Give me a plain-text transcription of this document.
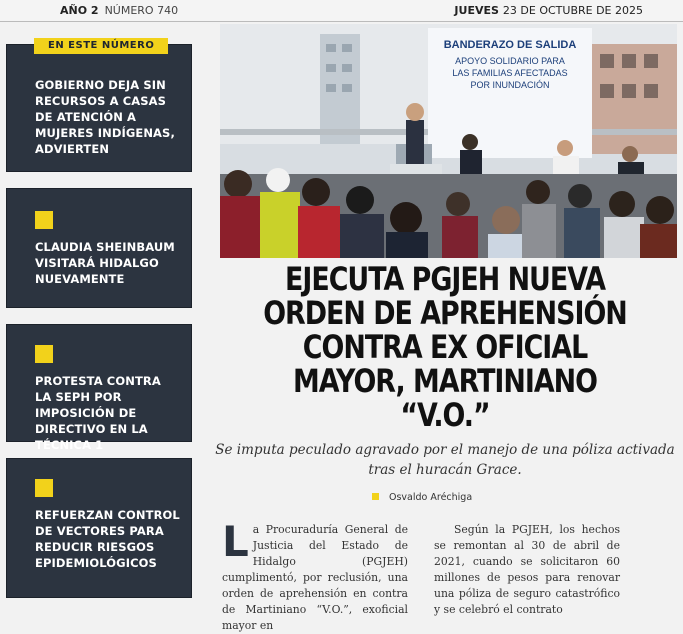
AÑO 2 NÚMERO 740	JUEVES 23 DE OCTUBRE DE 2025
EN ESTE NÚMERO
GOBIERNO DEJA SIN RECURSOS A CASAS DE ATENCIÓN A MUJERES INDÍGENAS, ADVIERTEN
CLAUDIA SHEINBAUM VISITARÁ HIDALGO NUEVAMENTE
PROTESTA CONTRA LA SEPH POR IMPOSICIÓN DE DIRECTIVO EN LA TÉCNICA 1
REFUERZAN CONTROL DE VECTORES PARA REDUCIR RIESGOS EPIDEMIOLÓGICOS
BANDERAZO DE SALIDA
APOYO SOLIDARIO PARA
LAS FAMILIAS AFECTADAS
POR INUNDACIÓN
EJECUTA PGJEH NUEVA ORDEN DE APREHENSIÓN CONTRA EX OFICIAL MAYOR, MARTINIANO “V.O.”
Se imputa peculado agravado por el manejo de una póliza activada tras el huracán Grace.
Osvaldo Aréchiga
La Procuraduría General de Justicia del Estado de Hidalgo (PGJEH) cumplimentó, por reclusión, una orden de aprehensión en contra de Martiniano “V.O.”, exoficial mayor en
Según la PGJEH, los hechos se remontan al 30 de abril de 2021, cuando se solicitaron 60 millones de pesos para renovar una póliza de seguro catastrófico y se celebró el contrato
